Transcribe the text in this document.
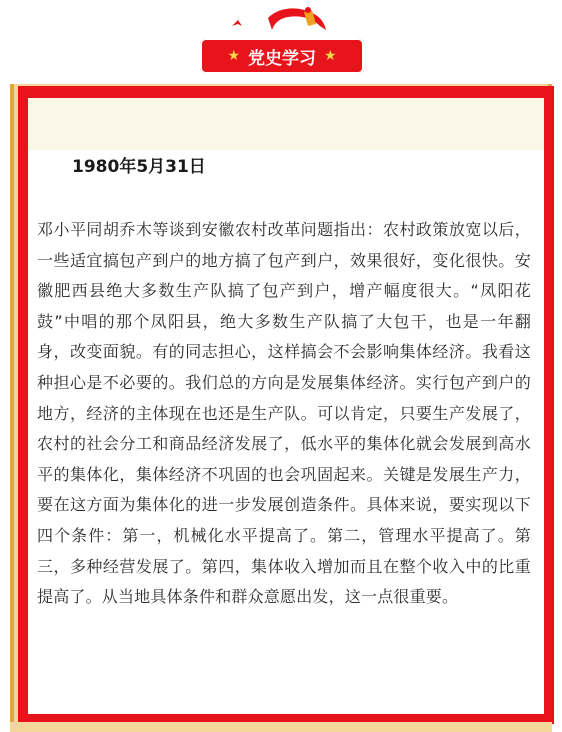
★ 党史学习 ★

1980年5月31日

邓小平同胡乔木等谈到安徽农村改革问题指出：农村政策放宽以后，一些适宜搞包产到户的地方搞了包产到户，效果很好，变化很快。安徽肥西县绝大多数生产队搞了包产到户，增产幅度很大。“凤阳花鼓”中唱的那个凤阳县，绝大多数生产队搞了大包干，也是一年翻身，改变面貌。有的同志担心，这样搞会不会影响集体经济。我看这种担心是不必要的。我们总的方向是发展集体经济。实行包产到户的地方，经济的主体现在也还是生产队。可以肯定，只要生产发展了，农村的社会分工和商品经济发展了，低水平的集体化就会发展到高水平的集体化，集体经济不巩固的也会巩固起来。关键是发展生产力，要在这方面为集体化的进一步发展创造条件。具体来说，要实现以下四个条件：第一，机械化水平提高了。第二，管理水平提高了。第三，多种经营发展了。第四，集体收入增加而且在整个收入中的比重提高了。从当地具体条件和群众意愿出发，这一点很重要。
